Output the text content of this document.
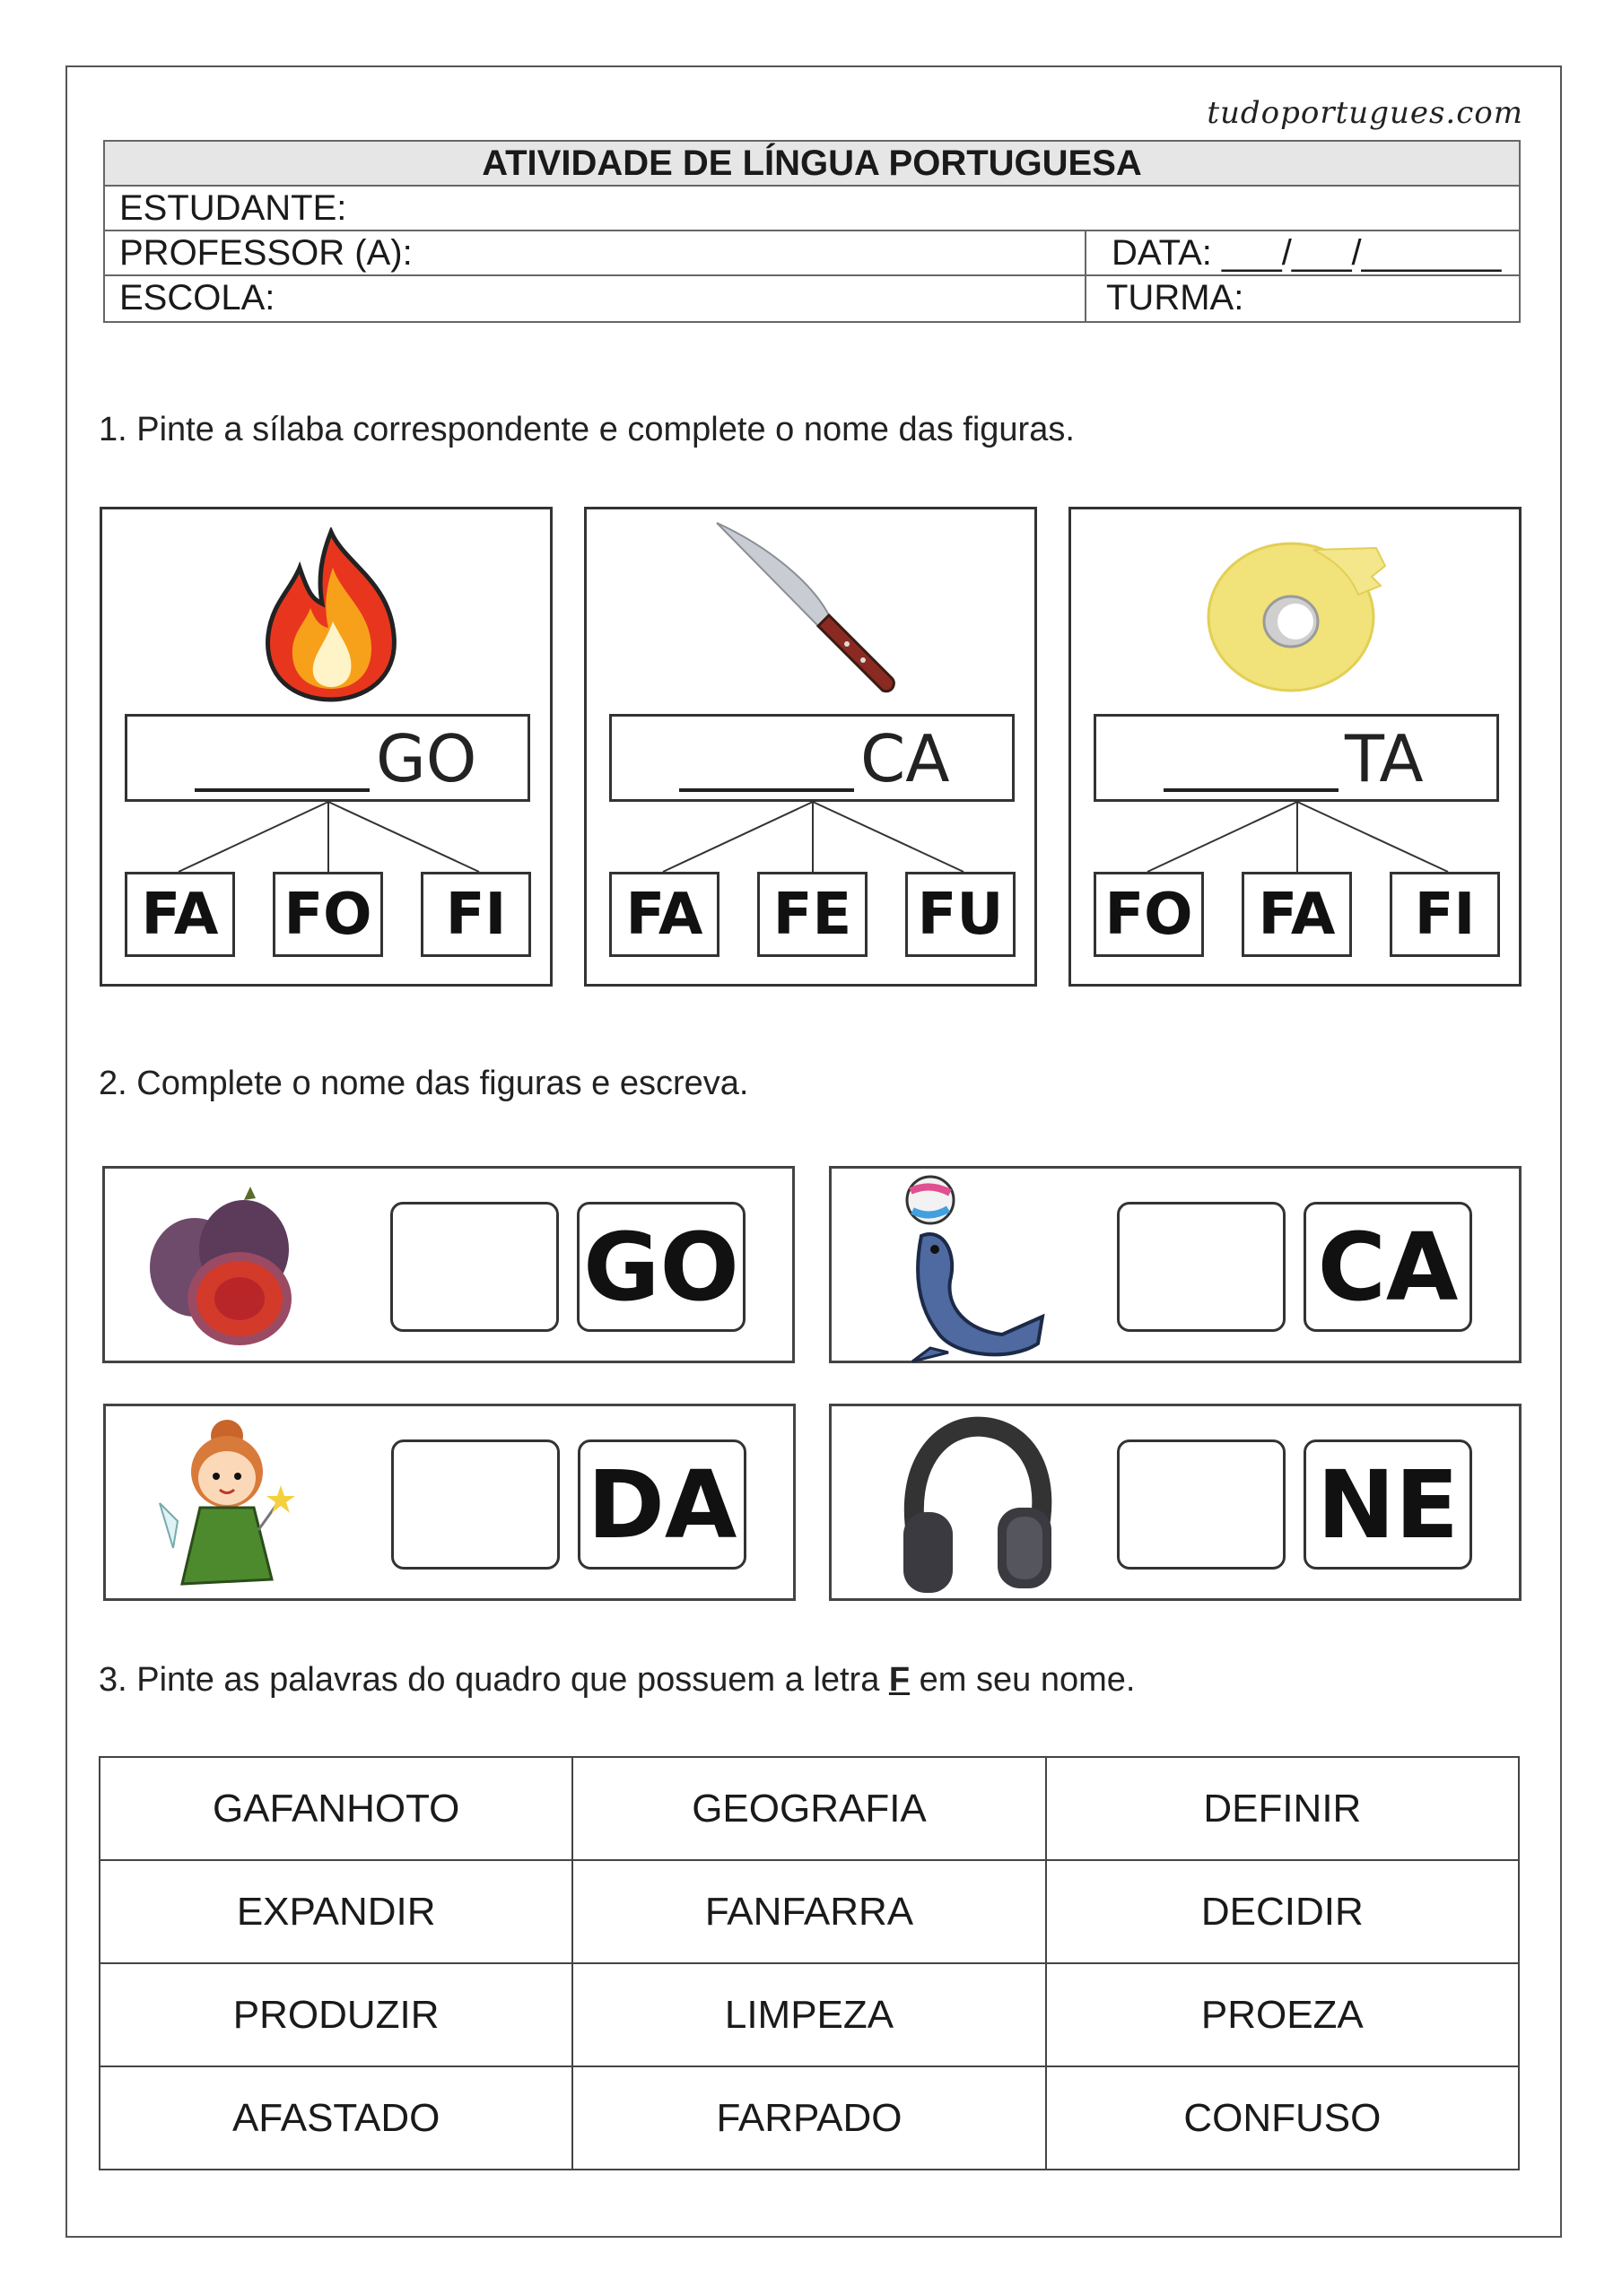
tudoportugues.com
ATIVIDADE DE LÍNGUA PORTUGUESA
ESTUDANTE:
PROFESSOR (A):	DATA: ___/___/_______
ESCOLA:	TURMA:
1. Pinte a sílaba correspondente e complete o nome das figuras.
GO
FA FO	FI
CA
FA FE FU
TA
FO FA	FI
2. Complete o nome das figuras e escreva.
GO	CA
DA	NE
3. Pinte as palavras do quadro que possuem a letra F em seu nome.
GAFANHOTO	GEOGRAFIA	DEFINIR
EXPANDIR	FANFARRA	DECIDIR
PRODUZIR	LIMPEZA	PROEZA
AFASTADO	FARPADO	CONFUSO
